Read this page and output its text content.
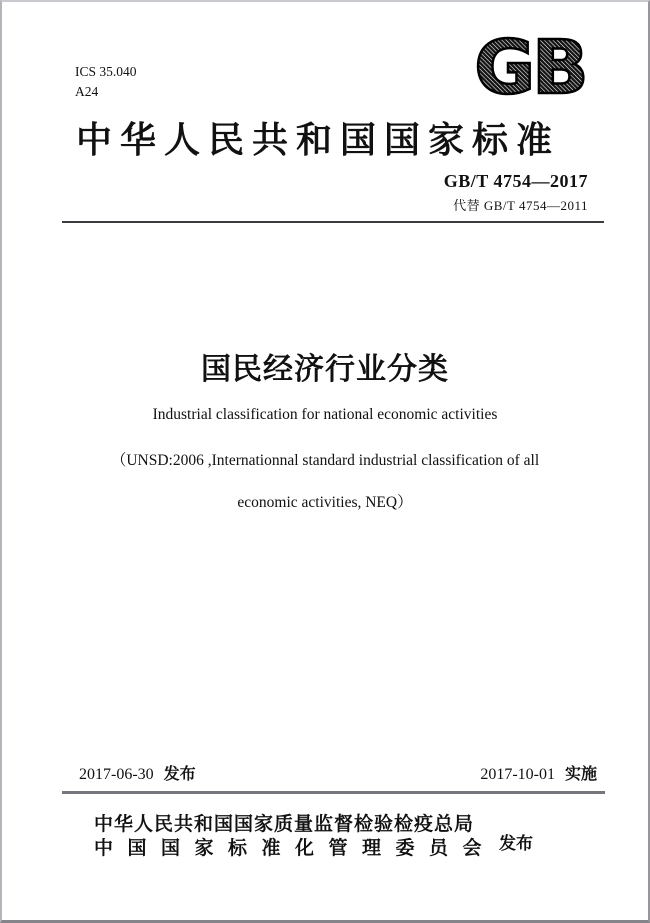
ICS 35.040
A24	GB
中华人民共和国国家标准
GB/T 4754—2017
代替 GB/T 4754—2011
国民经济行业分类
Industrial classification for national economic activities
（UNSD:2006 ,Internationnal standard industrial classification of all
economic activities, NEQ）
2017-06-30 发布	2017-10-01 实施
中华人民共和国国家质量监督检验检疫总局
中国国家标准化管理委员会 发布
